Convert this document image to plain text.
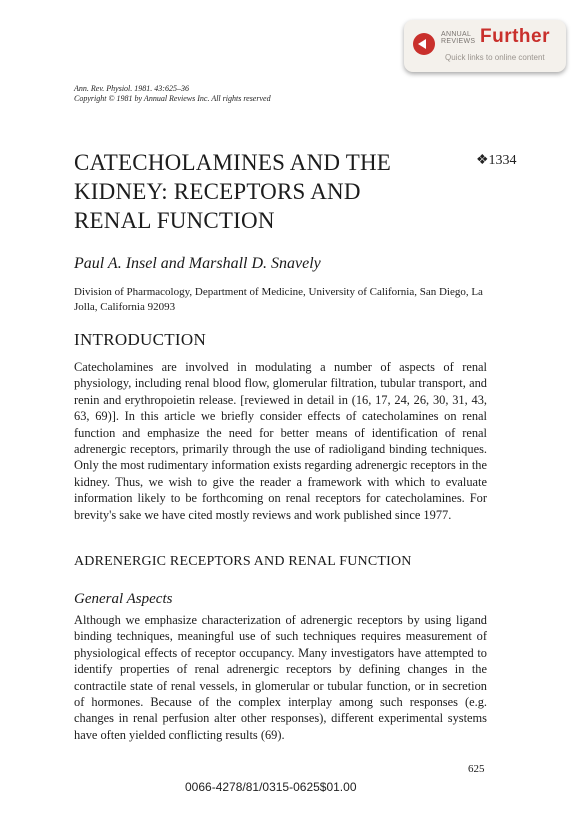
ANNUAL
REVIEWS Further
Quick links to online content
Ann. Rev. Physiol. 1981. 43:625–36
Copyright © 1981 by Annual Reviews Inc. All rights reserved
CATECHOLAMINES AND THE KIDNEY: RECEPTORS AND RENAL FUNCTION
❖1334
Paul A. Insel and Marshall D. Snavely
Division of Pharmacology, Department of Medicine, University of California, San Diego, La Jolla, California 92093
INTRODUCTION
Catecholamines are involved in modulating a number of aspects of renal physiology, including renal blood flow, glomerular filtration, tubular transport, and renin and erythropoietin release. [reviewed in detail in (16, 17, 24, 26, 30, 31, 43, 63, 69)]. In this article we briefly consider effects of catecholamines on renal function and emphasize the need for better means of identification of renal adrenergic receptors, primarily through the use of radioligand binding techniques. Only the most rudimentary information exists regarding adrenergic receptors in the kidney. Thus, we wish to give the reader a framework with which to evaluate information likely to be forthcoming on renal receptors for catecholamines. For brevity's sake we have cited mostly reviews and work published since 1977.
ADRENERGIC RECEPTORS AND RENAL FUNCTION
General Aspects
Although we emphasize characterization of adrenergic receptors by using ligand binding techniques, meaningful use of such techniques requires measurement of physiological effects of receptor occupancy. Many investigators have attempted to identify properties of renal adrenergic receptors by defining changes in the contractile state of renal vessels, in glomerular or tubular function, or in secretion of hormones. Because of the complex interplay among such responses (e.g. changes in renal perfusion alter other responses), different experimental systems have often yielded conflicting results (69).
625
0066-4278/81/0315-0625$01.00
